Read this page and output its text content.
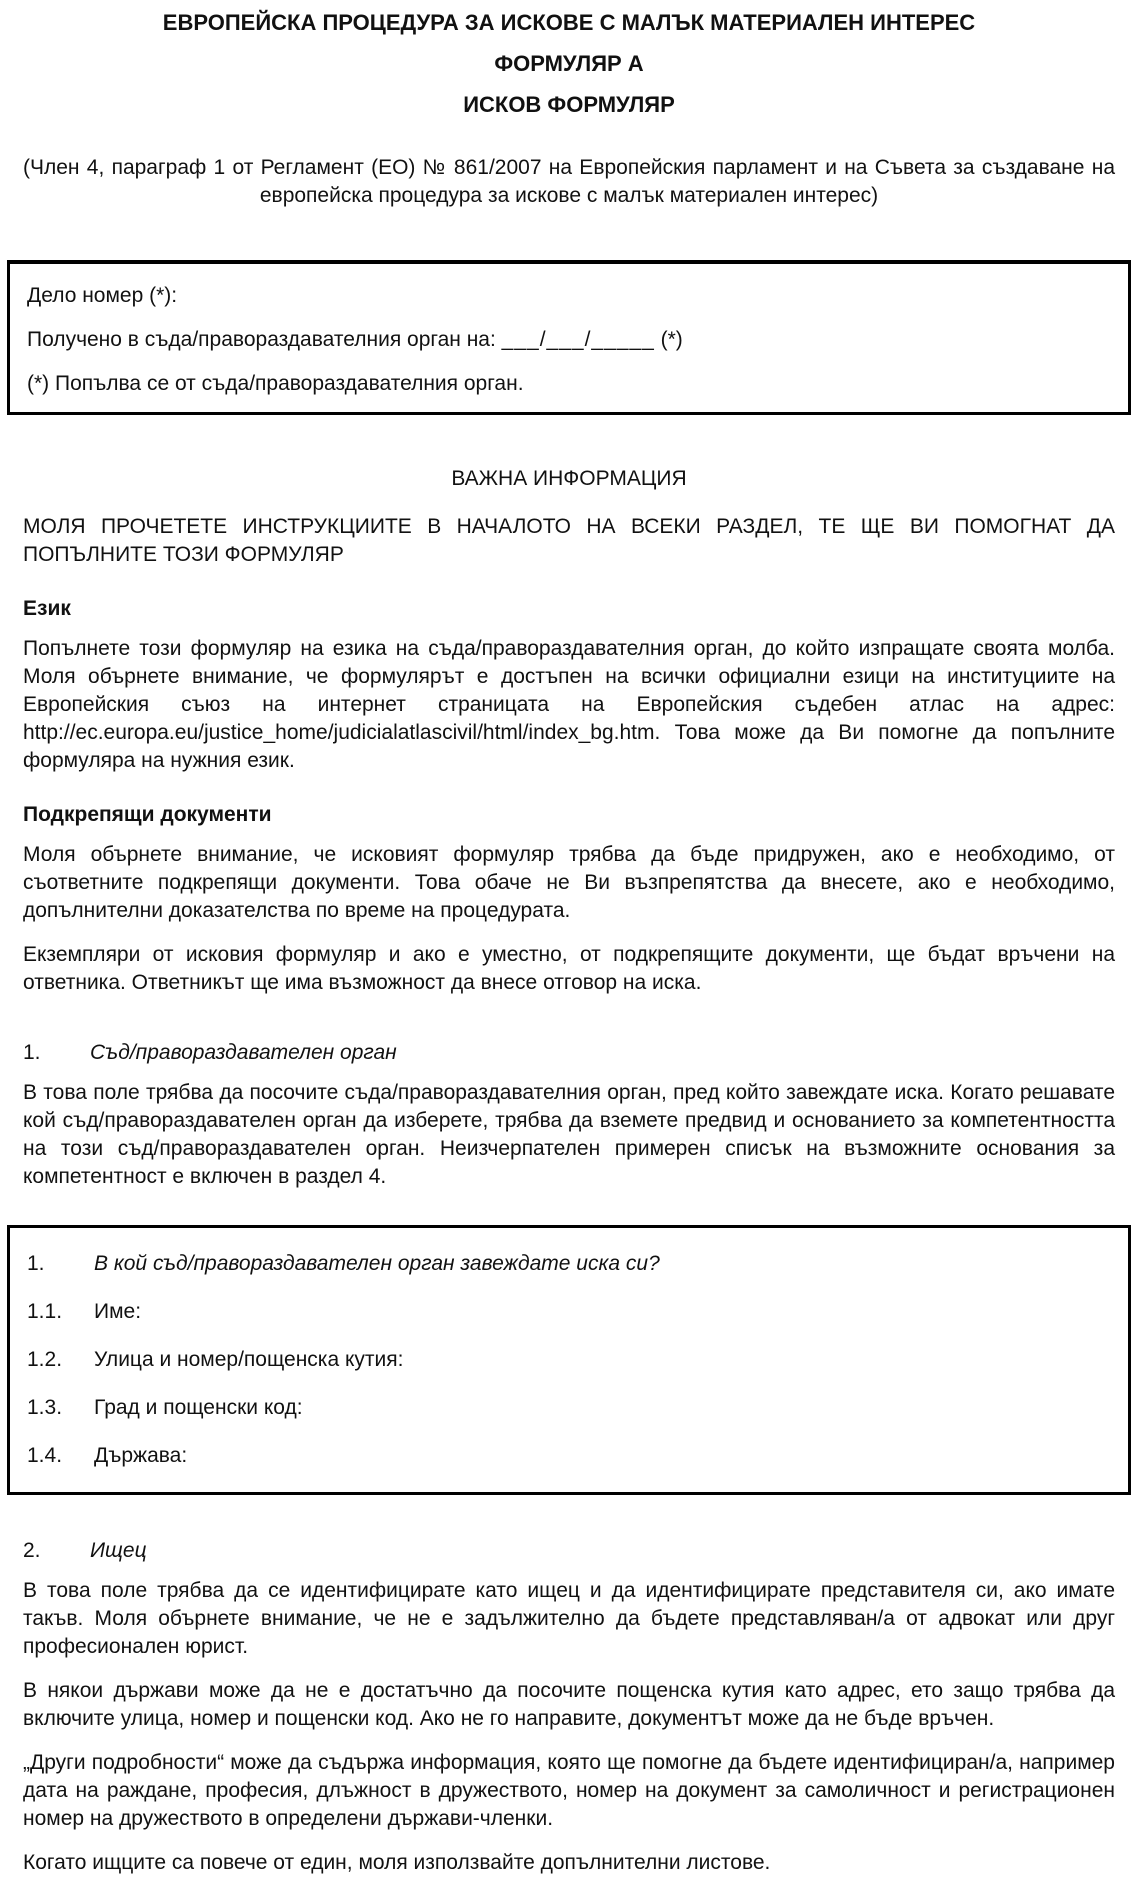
ЕВРОПЕЙСКА ПРОЦЕДУРА ЗА ИСКОВЕ С МАЛЪК МАТЕРИАЛЕН ИНТЕРЕС
ФОРМУЛЯР А
ИСКОВ ФОРМУЛЯР

(Член 4, параграф 1 от Регламент (ЕО) № 861/2007 на Европейския парламент и на Съвета за създаване на европейска процедура за искове с малък материален интерес)

Дело номер (*):

Получено в съда/правораздавателния орган на: ___/___/_____ (*)

(*) Попълва се от съда/правораздавателния орган.

ВАЖНА ИНФОРМАЦИЯ

МОЛЯ ПРОЧЕТЕТЕ ИНСТРУКЦИИТЕ В НАЧАЛОТО НА ВСЕКИ РАЗДЕЛ, ТЕ ЩЕ ВИ ПОМОГНАТ ДА ПОПЪЛНИТЕ ТОЗИ ФОРМУЛЯР

Език

Попълнете този формуляр на езика на съда/правораздавателния орган, до който изпращате своята молба. Моля обърнете внимание, че формулярът е достъпен на всички официални езици на институциите на Европейския съюз на интернет страницата на Европейския съдебен атлас на адрес: http://ec.europa.eu/justice_home/judicialatlascivil/html/index_bg.htm. Това може да Ви помогне да попълните формуляра на нужния език.

Подкрепящи документи

Моля обърнете внимание, че исковият формуляр трябва да бъде придружен, ако е необходимо, от съответните подкрепящи документи. Това обаче не Ви възпрепятства да внесете, ако е необходимо, допълнителни доказателства по време на процедурата.

Екземпляри от исковия формуляр и ако е уместно, от подкрепящите документи, ще бъдат връчени на ответника. Ответникът ще има възможност да внесе отговор на иска.

1.	Съд/правораздавателен орган

В това поле трябва да посочите съда/правораздавателния орган, пред който завеждате иска. Когато решавате кой съд/правораздавателен орган да изберете, трябва да вземете предвид и основанието за компетентността на този съд/правораздавателен орган. Неизчерпателен примерен списък на възможните основания за компетентност е включен в раздел 4.

1.	В кой съд/правораздавателен орган завеждате иска си?
1.1.	Име:
1.2.	Улица и номер/пощенска кутия:
1.3.	Град и пощенски код:
1.4.	Държава:
2.	Ищец

В това поле трябва да се идентифицирате като ищец и да идентифицирате представителя си, ако имате такъв. Моля обърнете внимание, че не е задължително да бъдете представляван/а от адвокат или друг професионален юрист.

В някои държави може да не е достатъчно да посочите пощенска кутия като адрес, ето защо трябва да включите улица, номер и пощенски код. Ако не го направите, документът може да не бъде връчен.

„Други подробности“ може да съдържа информация, която ще помогне да бъдете идентифициран/а, например дата на раждане, професия, длъжност в дружеството, номер на документ за самоличност и регистрационен номер на дружеството в определени държави-членки.

Когато ищците са повече от един, моля използвайте допълнителни листове.
